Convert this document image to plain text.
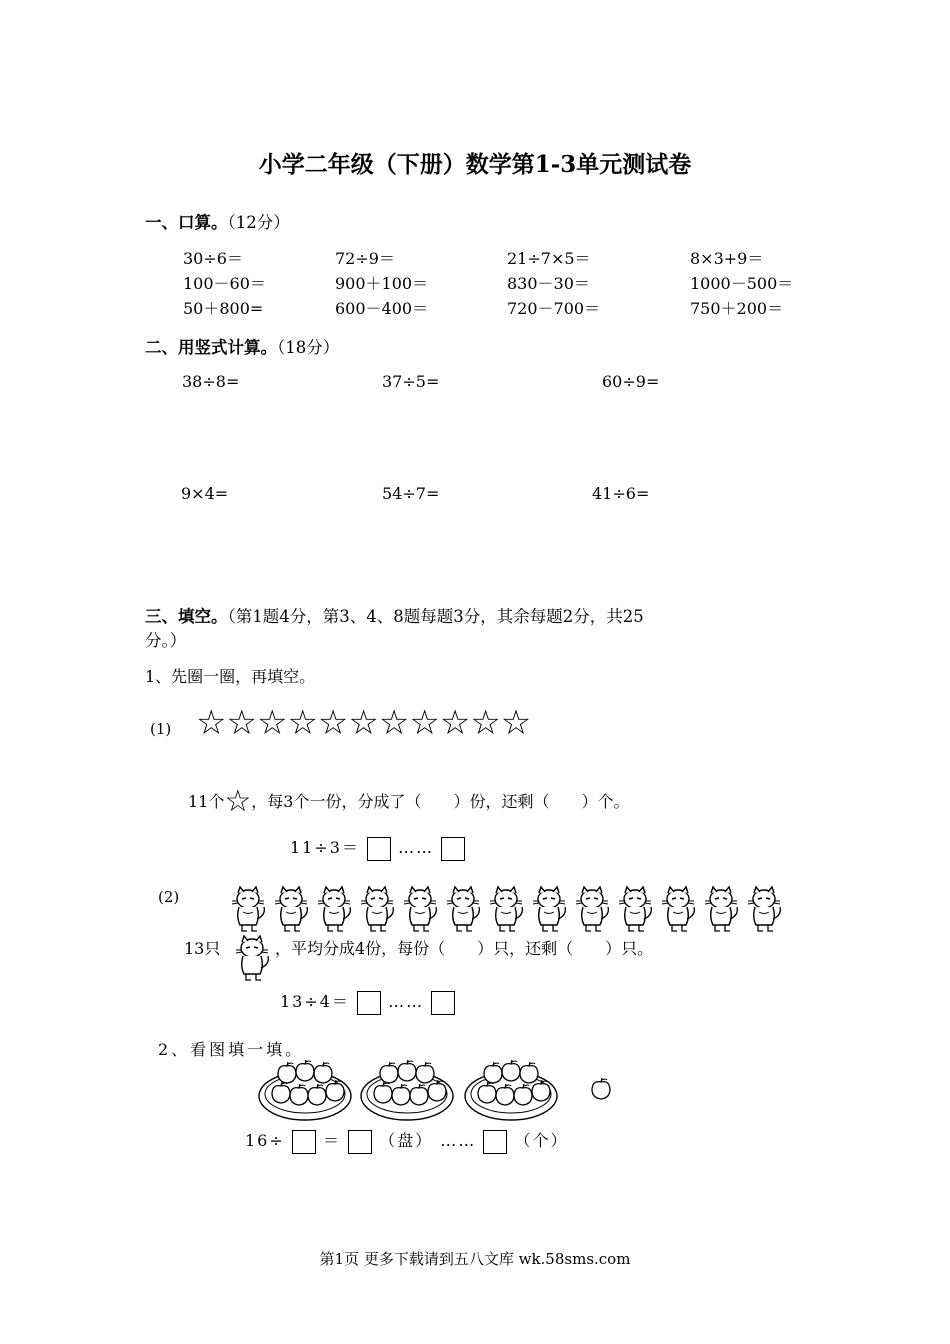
小学二年级（下册）数学第1-3单元测试卷
一、口算。（12分）
30÷6＝	72÷9＝	21÷7×5＝	8×3+9＝
100－60＝	900＋100＝	830－30＝	1000－500＝
50＋800=	600－400＝	720－700＝	750＋200＝
二、用竖式计算。（18分）
38÷8=	37÷5=	60÷9=
9×4=	54÷7=	41÷6=
三、填空。（第1题4分，第3、4、8题每题3分，其余每题2分，共25
分。）
1、先圈一圈，再填空。
(1) ☆☆☆☆☆☆☆☆☆☆☆
11个☆，每3个一份，分成了（　　）份，还剩（　　）个。
11÷3＝ ……
(2)
13只	，平均分成4份，每份（　　）只，还剩（　　）只。
13÷4＝ ……
2、看图填一填。
16÷ ＝ （盘） …… （个）
第1页 更多下载请到五八文库 wk.58sms.com
